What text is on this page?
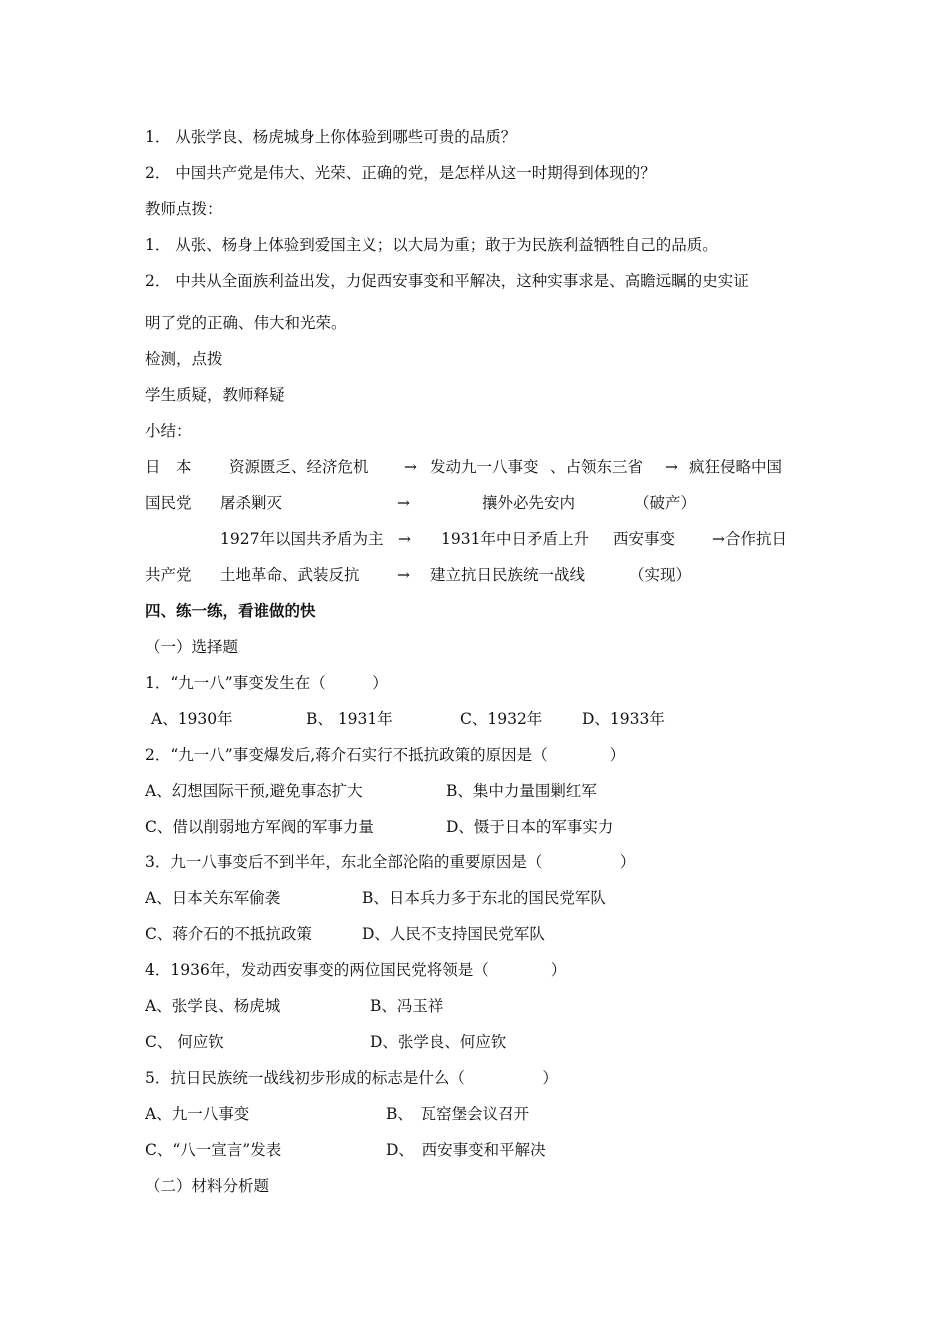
1． 从张学良、杨虎城身上你体验到哪些可贵的品质？
2． 中国共产党是伟大、光荣、正确的党，是怎样从这一时期得到体现的？
教师点拨：
1． 从张、杨身上体验到爱国主义；以大局为重；敢于为民族利益牺牲自己的品质。
2． 中共从全面族利益出发，力促西安事变和平解决，这种实事求是、高瞻远瞩的史实证
明了党的正确、伟大和光荣。
检测，点拨
学生质疑，教师释疑
小结：
日　本 资源匮乏、经济危机 → 发动九一八事变 、占领东三省 → 疯狂侵略中国
国民党 屠杀剿灭	→	攘外必先安内	（破产）
1927年以国共矛盾为主 → 1931年中日矛盾上升 西安事变 →合作抗日
共产党 土地革命、武装反抗 → 建立抗日民族统一战线	（实现）
四、练一练，看谁做的快
（一）选择题
1．“九一八”事变发生在（　　　）
A、1930年	B、 1931年	C、1932年	D、1933年
2．“九一八”事变爆发后,蒋介石实行不抵抗政策的原因是（　　　　）
A、幻想国际干预,避免事态扩大	B、集中力量围剿红军
C、借以削弱地方军阀的军事力量	D、慑于日本的军事实力
3．九一八事变后不到半年，东北全部沦陷的重要原因是（　　　　　）
A、日本关东军偷袭	B、日本兵力多于东北的国民党军队
C、蒋介石的不抵抗政策	D、人民不支持国民党军队
4．1936年，发动西安事变的两位国民党将领是（　　　　）
A、张学良、杨虎城	B、冯玉祥
C、 何应钦	D、张学良、何应钦
5．抗日民族统一战线初步形成的标志是什么（　　　　　）
A、九一八事变	B、　瓦窑堡会议召开
C、“八一宣言”发表	D、　西安事变和平解决
（二）材料分析题
